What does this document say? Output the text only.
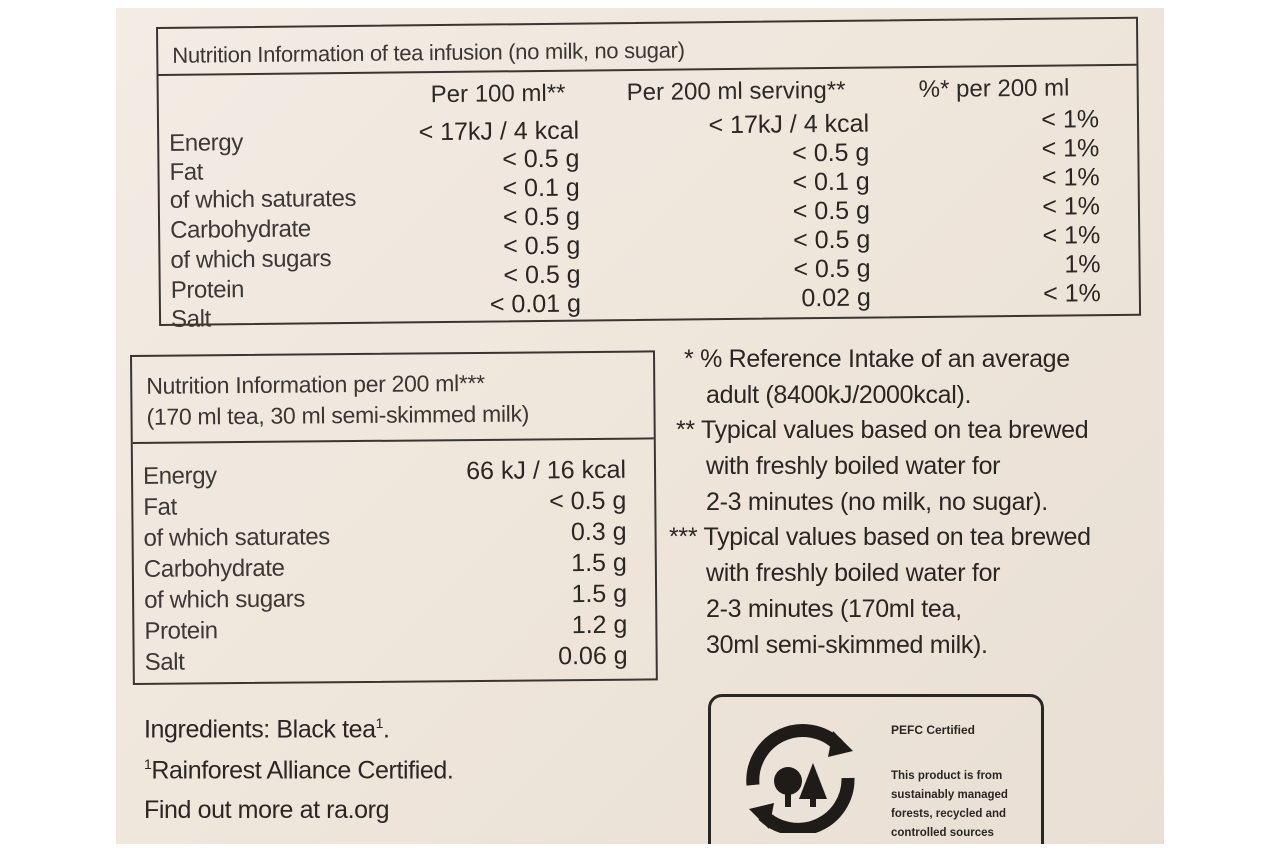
Nutrition Information of tea infusion (no milk, no sugar)
Per 100 ml**	Per 200 ml serving**	%* per 200 ml
Energy
Fat
of which saturates
Carbohydrate
of which sugars
Protein
Salt
< 17kJ / 4 kcal
< 0.5 g
< 0.1 g
< 0.5 g
< 0.5 g
< 0.5 g
< 0.01 g
< 17kJ / 4 kcal
< 0.5 g
< 0.1 g
< 0.5 g
< 0.5 g
< 0.5 g
0.02 g
< 1%
< 1%
< 1%
< 1%
< 1%
1%
< 1%
Nutrition Information per 200 ml***
(170 ml tea, 30 ml semi-skimmed milk)
Energy
Fat
of which saturates
Carbohydrate
of which sugars
Protein
Salt
66 kJ / 16 kcal
< 0.5 g
0.3 g
1.5 g
1.5 g
1.2 g
0.06 g
* % Reference Intake of an average
adult (8400kJ/2000kcal).
** Typical values based on tea brewed
with freshly boiled water for
2-3 minutes (no milk, no sugar).
*** Typical values based on tea brewed
with freshly boiled water for
2-3 minutes (170ml tea,
30ml semi-skimmed milk).
Ingredients: Black tea$^1$.
$^1$Rainforest Alliance Certified.
Find out more at ra.org
PEFC Certified
This product is from sustainably managed forests, recycled and controlled sources
